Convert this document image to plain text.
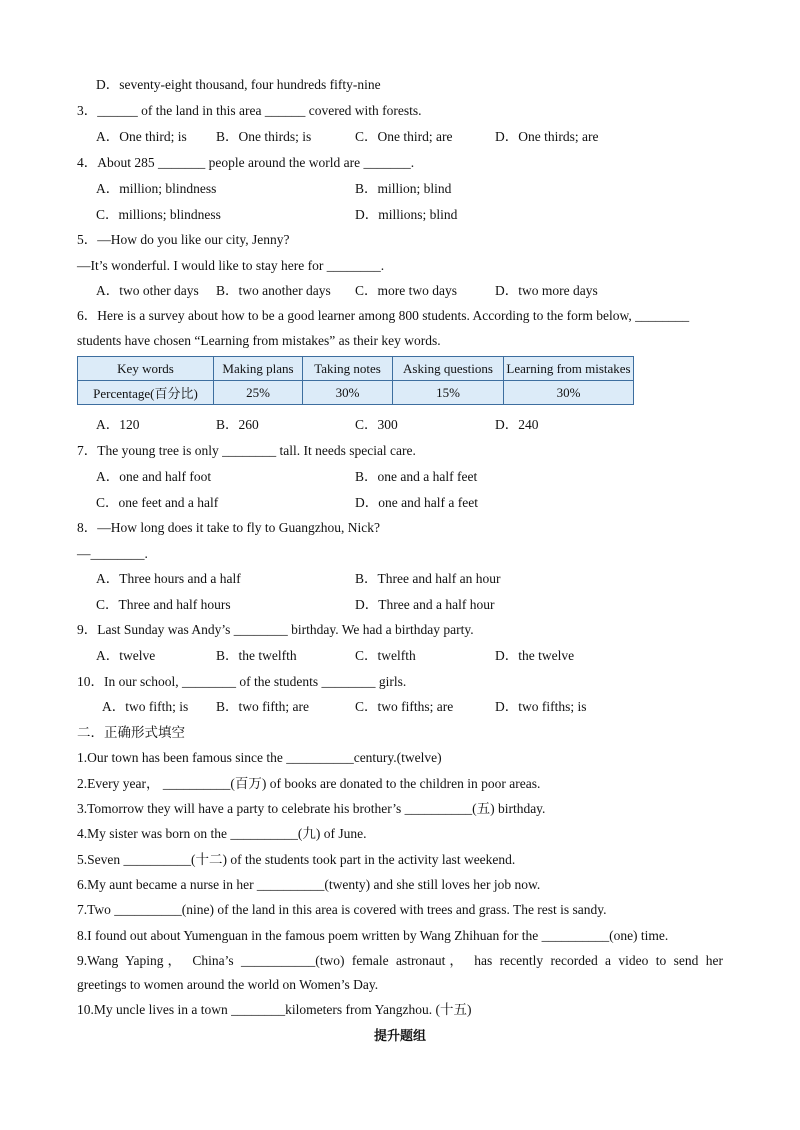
D．seventy-eight thousand, four hundreds fifty-nine
3．______ of the land in this area ______ covered with forests.
A．One third; is B．One thirds; is	C．One third; are	D．One thirds; are
4．About 285 _______ people around the world are _______.
A．million; blindness	B．million; blind
C．millions; blindness	D．millions; blind
5．—How do you like our city, Jenny?
—It’s wonderful. I would like to stay here for ________.
A．two other days B．two another days C．more two days	D．two more days
6．Here is a survey about how to be a good learner among 800 students. According to the form below, ________
students have chosen “Learning from mistakes” as their key words.
Key words	Making plans	Taking notes	Asking questions	Learning from mistakes
Percentage(百分比)	25%	30%	15%	30%
A．120	B．260	C．300	D．240
7．The young tree is only ________ tall. It needs special care.
A．one and half foot	B．one and a half feet
C．one feet and a half	D．one and half a feet
8．—How long does it take to fly to Guangzhou, Nick?
—________.
A．Three hours and a half	B．Three and half an hour
C．Three and half hours	D．Three and a half hour
9．Last Sunday was Andy’s ________ birthday. We had a birthday party.
A．twelve	B．the twelfth	C．twelfth	D．the twelve
10．In our school, ________ of the students ________ girls.
A．two fifth; is B．two fifth; are	C．two fifths; are	D．two fifths; is
二．正确形式填空
1.Our town has been famous since the __________century.(twelve)
2.Every year， __________(百万) of books are donated to the children in poor areas.
3.Tomorrow they will have a party to celebrate his brother’s __________(五) birthday.
4.My sister was born on the __________(九) of June.
5.Seven __________(十二) of the students took part in the activity last weekend.
6.My aunt became a nurse in her __________(twenty) and she still loves her job now.
7.Two __________(nine) of the land in this area is covered with trees and grass. The rest is sandy.
8.I found out about Yumenguan in the famous poem written by Wang Zhihuan for the __________(one) time.
9.Wang Yaping， China’s ___________(two) female astronaut， has recently recorded a video to send her
greetings to women around the world on Women’s Day.
10.My uncle lives in a town ________kilometers from Yangzhou. (十五)
提升题组
